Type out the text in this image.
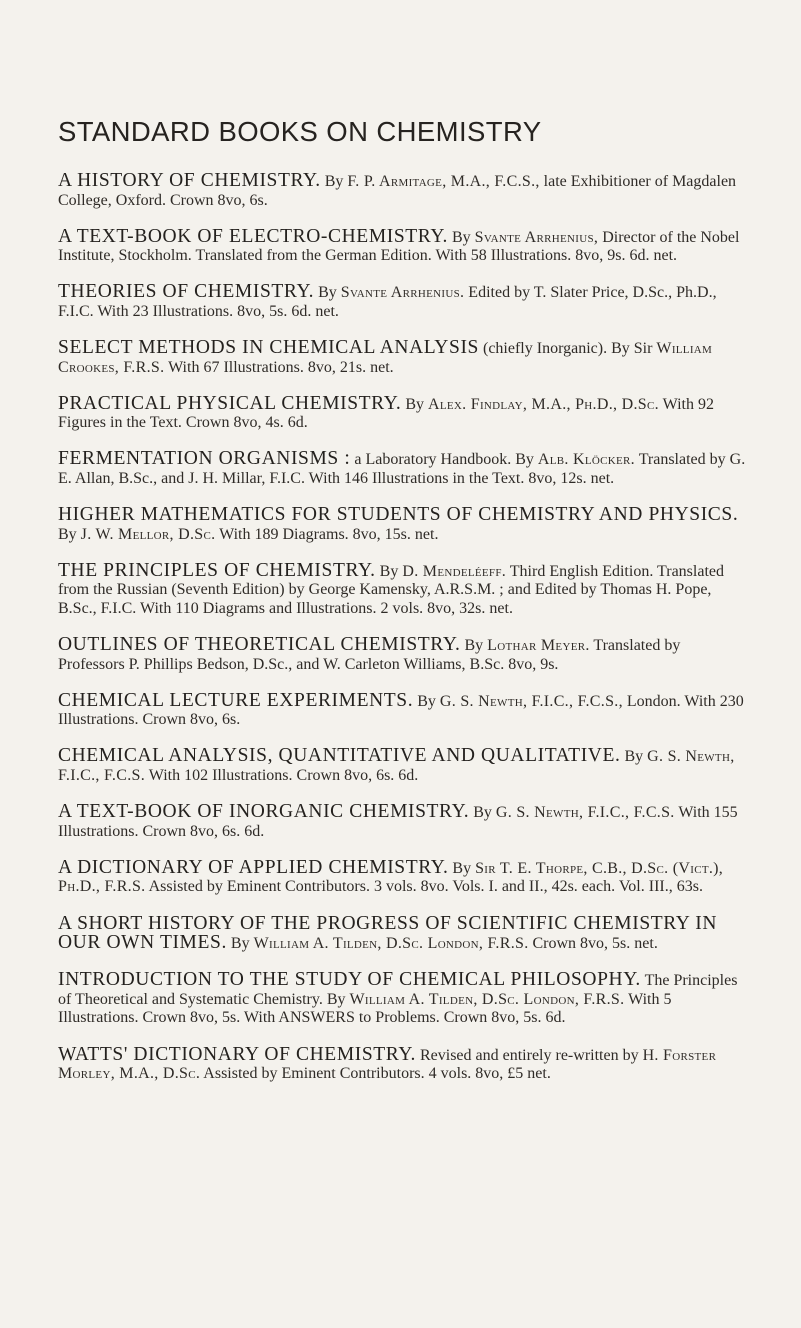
STANDARD BOOKS ON CHEMISTRY

A HISTORY OF CHEMISTRY. By F. P. Armitage, M.A., F.C.S., late Exhibitioner of Magdalen College, Oxford. Crown 8vo, 6s.

A TEXT-BOOK OF ELECTRO-CHEMISTRY. By Svante Arrhenius, Director of the Nobel Institute, Stockholm. Translated from the German Edition. With 58 Illustrations. 8vo, 9s. 6d. net.

THEORIES OF CHEMISTRY. By Svante Arrhenius. Edited by T. Slater Price, D.Sc., Ph.D., F.I.C. With 23 Illustrations. 8vo, 5s. 6d. net.

SELECT METHODS IN CHEMICAL ANALYSIS (chiefly Inorganic). By Sir William Crookes, F.R.S. With 67 Illustrations. 8vo, 21s. net.

PRACTICAL PHYSICAL CHEMISTRY. By Alex. Findlay, M.A., Ph.D., D.Sc. With 92 Figures in the Text. Crown 8vo, 4s. 6d.

FERMENTATION ORGANISMS : a Laboratory Handbook. By Alb. Klöcker. Translated by G. E. Allan, B.Sc., and J. H. Millar, F.I.C. With 146 Illustrations in the Text. 8vo, 12s. net.

HIGHER MATHEMATICS FOR STUDENTS OF CHEMISTRY AND PHYSICS. By J. W. Mellor, D.Sc. With 189 Diagrams. 8vo, 15s. net.

THE PRINCIPLES OF CHEMISTRY. By D. Mendeléeff. Third English Edition. Translated from the Russian (Seventh Edition) by George Kamensky, A.R.S.M. ; and Edited by Thomas H. Pope, B.Sc., F.I.C. With 110 Diagrams and Illustrations. 2 vols. 8vo, 32s. net.

OUTLINES OF THEORETICAL CHEMISTRY. By Lothar Meyer. Translated by Professors P. Phillips Bedson, D.Sc., and W. Carleton Williams, B.Sc. 8vo, 9s.

CHEMICAL LECTURE EXPERIMENTS. By G. S. Newth, F.I.C., F.C.S., London. With 230 Illustrations. Crown 8vo, 6s.

CHEMICAL ANALYSIS, QUANTITATIVE AND QUALITATIVE. By G. S. Newth, F.I.C., F.C.S. With 102 Illustrations. Crown 8vo, 6s. 6d.

A TEXT-BOOK OF INORGANIC CHEMISTRY. By G. S. Newth, F.I.C., F.C.S. With 155 Illustrations. Crown 8vo, 6s. 6d.

A DICTIONARY OF APPLIED CHEMISTRY. By Sir T. E. Thorpe, C.B., D.Sc. (Vict.), Ph.D., F.R.S. Assisted by Eminent Contributors. 3 vols. 8vo. Vols. I. and II., 42s. each. Vol. III., 63s.

A SHORT HISTORY OF THE PROGRESS OF SCIENTIFIC CHEMISTRY IN OUR OWN TIMES. By William A. Tilden, D.Sc. London, F.R.S. Crown 8vo, 5s. net.

INTRODUCTION TO THE STUDY OF CHEMICAL PHILOSOPHY. The Principles of Theoretical and Systematic Chemistry. By William A. Tilden, D.Sc. London, F.R.S. With 5 Illustrations. Crown 8vo, 5s. With ANSWERS to Problems. Crown 8vo, 5s. 6d.

WATTS' DICTIONARY OF CHEMISTRY. Revised and entirely re-written by H. Forster Morley, M.A., D.Sc. Assisted by Eminent Contributors. 4 vols. 8vo, £5 net.
